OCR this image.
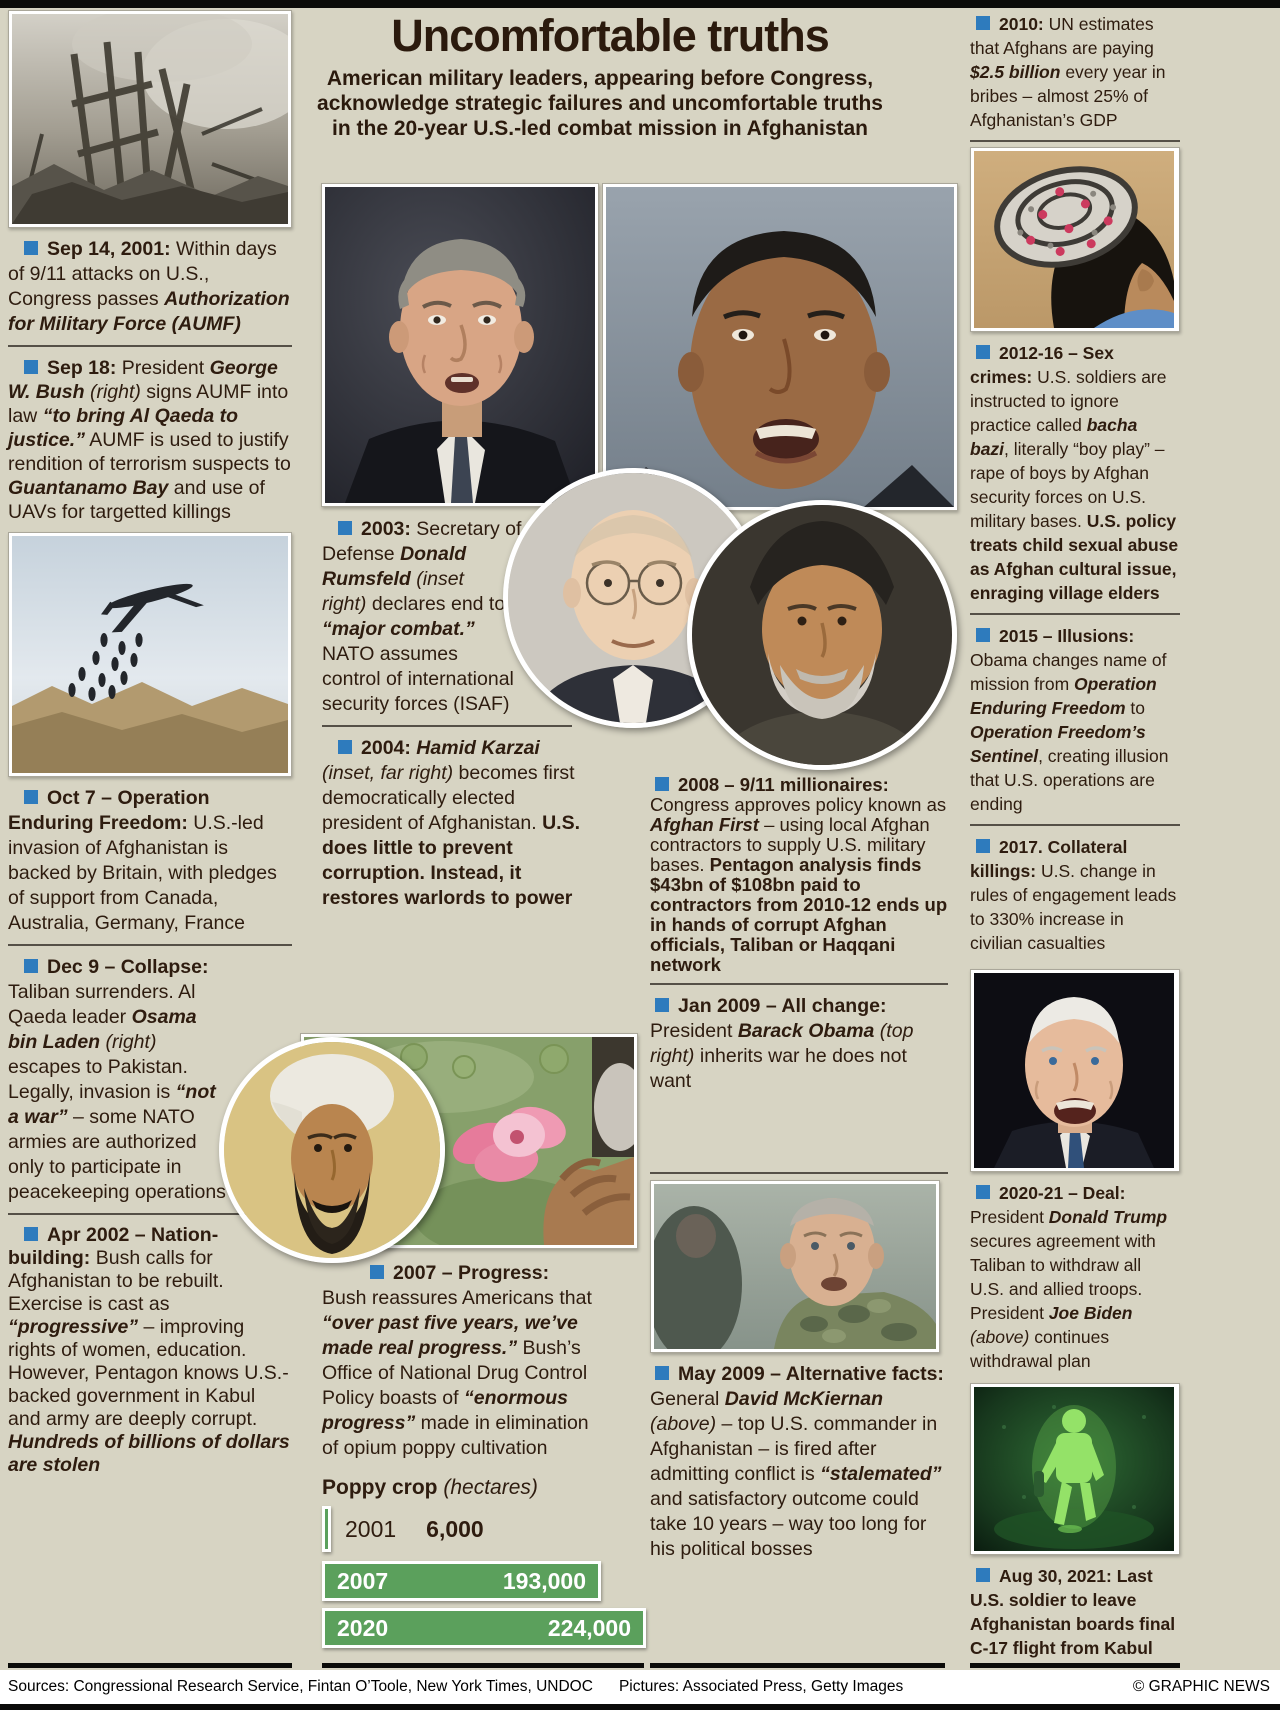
Uncomfortable truths
American military leaders, appearing before Congress, acknowledge strategic failures and uncomfortable truths in the 20-year U.S.-led combat mission in Afghanistan

Sep 14, 2001: Within days of 9/11 attacks on U.S., Congress passes Authorization for Military Force (AUMF)

Sep 18: President George W. Bush (right) signs AUMF into law “to bring Al Qaeda to justice.” AUMF is used to justify rendition of terrorism suspects to Guantanamo Bay and use of UAVs for targetted killings

Oct 7 – Operation Enduring Freedom: U.S.-led invasion of Afghanistan is backed by Britain, with pledges of support from Canada, Australia, Germany, France

Dec 9 – Collapse: Taliban surrenders. Al Qaeda leader Osama bin Laden (right) escapes to Pakistan. Legally, invasion is “not a war” – some NATO armies are authorized only to participate in peacekeeping operations

Apr 2002 – Nation-building: Bush calls for Afghanistan to be rebuilt. Exercise is cast as “progressive” – improving rights of women, education. However, Pentagon knows U.S.-backed government in Kabul and army are deeply corrupt. Hundreds of billions of dollars are stolen

2003: Secretary of Defense Donald Rumsfeld (inset right) declares end to “major combat.” NATO assumes control of international security forces (ISAF)

2004: Hamid Karzai (inset, far right) becomes first democratically elected president of Afghanistan. U.S. does little to prevent corruption. Instead, it restores warlords to power

2007 – Progress: Bush reassures Americans that “over past five years, we’ve made real progress.” Bush’s Office of National Drug Control Policy boasts of “enormous progress” made in elimination of opium poppy cultivation

Poppy crop (hectares)
2001 6,000
2007	193,000
2020	224,000

2008 – 9/11 millionaires: Congress approves policy known as Afghan First – using local Afghan contractors to supply U.S. military bases. Pentagon analysis finds $43bn of $108bn paid to contractors from 2010-12 ends up in hands of corrupt Afghan officials, Taliban or Haqqani network

Jan 2009 – All change: President Barack Obama (top right) inherits war he does not want

May 2009 – Alternative facts: General David McKiernan (above) – top U.S. commander in Afghanistan – is fired after admitting conflict is “stalemated” and satisfactory outcome could take 10 years – way too long for his political bosses

2010: UN estimates that Afghans are paying $2.5 billion every year in bribes – almost 25% of Afghanistan’s GDP

2012-16 – Sex crimes: U.S. soldiers are instructed to ignore practice called bacha bazi, literally “boy play” – rape of boys by Afghan security forces on U.S. military bases. U.S. policy treats child sexual abuse as Afghan cultural issue, enraging village elders

2015 – Illusions: Obama changes name of mission from Operation Enduring Freedom to Operation Freedom’s Sentinel, creating illusion that U.S. operations are ending

2017. Collateral killings: U.S. change in rules of engagement leads to 330% increase in civilian casualties

2020-21 – Deal: President Donald Trump secures agreement with Taliban to withdraw all U.S. and allied troops. President Joe Biden (above) continues withdrawal plan

Aug 30, 2021: Last U.S. soldier to leave Afghanistan boards final C-17 flight from Kabul

Sources: Congressional Research Service, Fintan O’Toole, New York Times, UNDOC Pictures: Associated Press, Getty Images	© GRAPHIC NEWS
